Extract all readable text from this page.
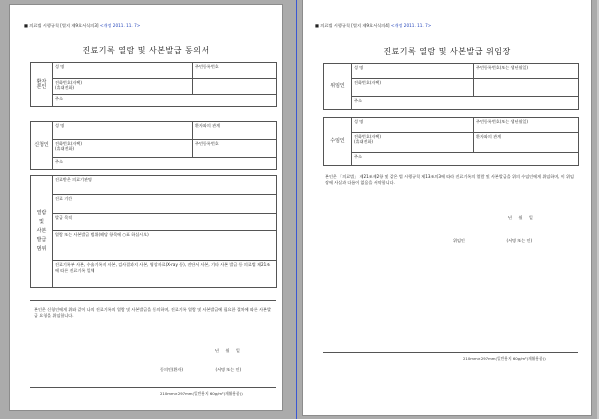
■ 의료법 시행규칙 [별지 제9호서식의3] <개정 2011. 11. 7>
진료기록 열람 및 사본발급 동의서
환자
본인	성 명	주민등록번호
	전화번호(자택)
(휴대전화)	
	주소	
신청인	성 명	환자와의 관계
	전화번호(자택)
(휴대전화)	주민등록번호
	주소	
열람
및
사본
발급
범위	진료받은 의료기관명
진료 기간
발급 목적
열람 또는 사본발급 범위(해당 항목에 ○표 하십시오)
진료기록부 사본, 수술기록지 사본, 검사결과지 사본, 영상자료(X-ray 등), 진단서 사본, 기타 사본 발급 등 의료법 제21조에 따른 진료기록 일체
본인은 신청인에게 위와 같이 나의 진료기록의 열람 및 사본발급을 동의하며, 진료기록 열람 및 사본발급에 필요한 절차에 따른 사본발급 요청을 위임합니다.
년     월     일
동의인(환자)                         (서명 또는 인)
210mm×297mm(일반용지 60g/m²(재활용품))
■ 의료법 시행규칙 [별지 제9호서식의4] <개정 2011. 11. 7>
진료기록 열람 및 사본발급 위임장
위임인	성 명	주민등록번호(또는 생년월일)
	전화번호(자택)	
	주소	
수임인	성 명	주민등록번호(또는 생년월일)
	전화번호(자택)
(휴대전화)	환자와의 관계
	주소	
본인은 「의료법」 제21조제2항 및 같은 법 시행규칙 제13조의3에 따라 진료기록의 열람 및 사본발급을 위의 수임인에게 위임하며, 이 위임장에 사실과 다름이 없음을 서약합니다.
년     월     일
위임인                                (서명 또는 인)
210mm×297mm(일반용지 60g/m²(재활용품))
